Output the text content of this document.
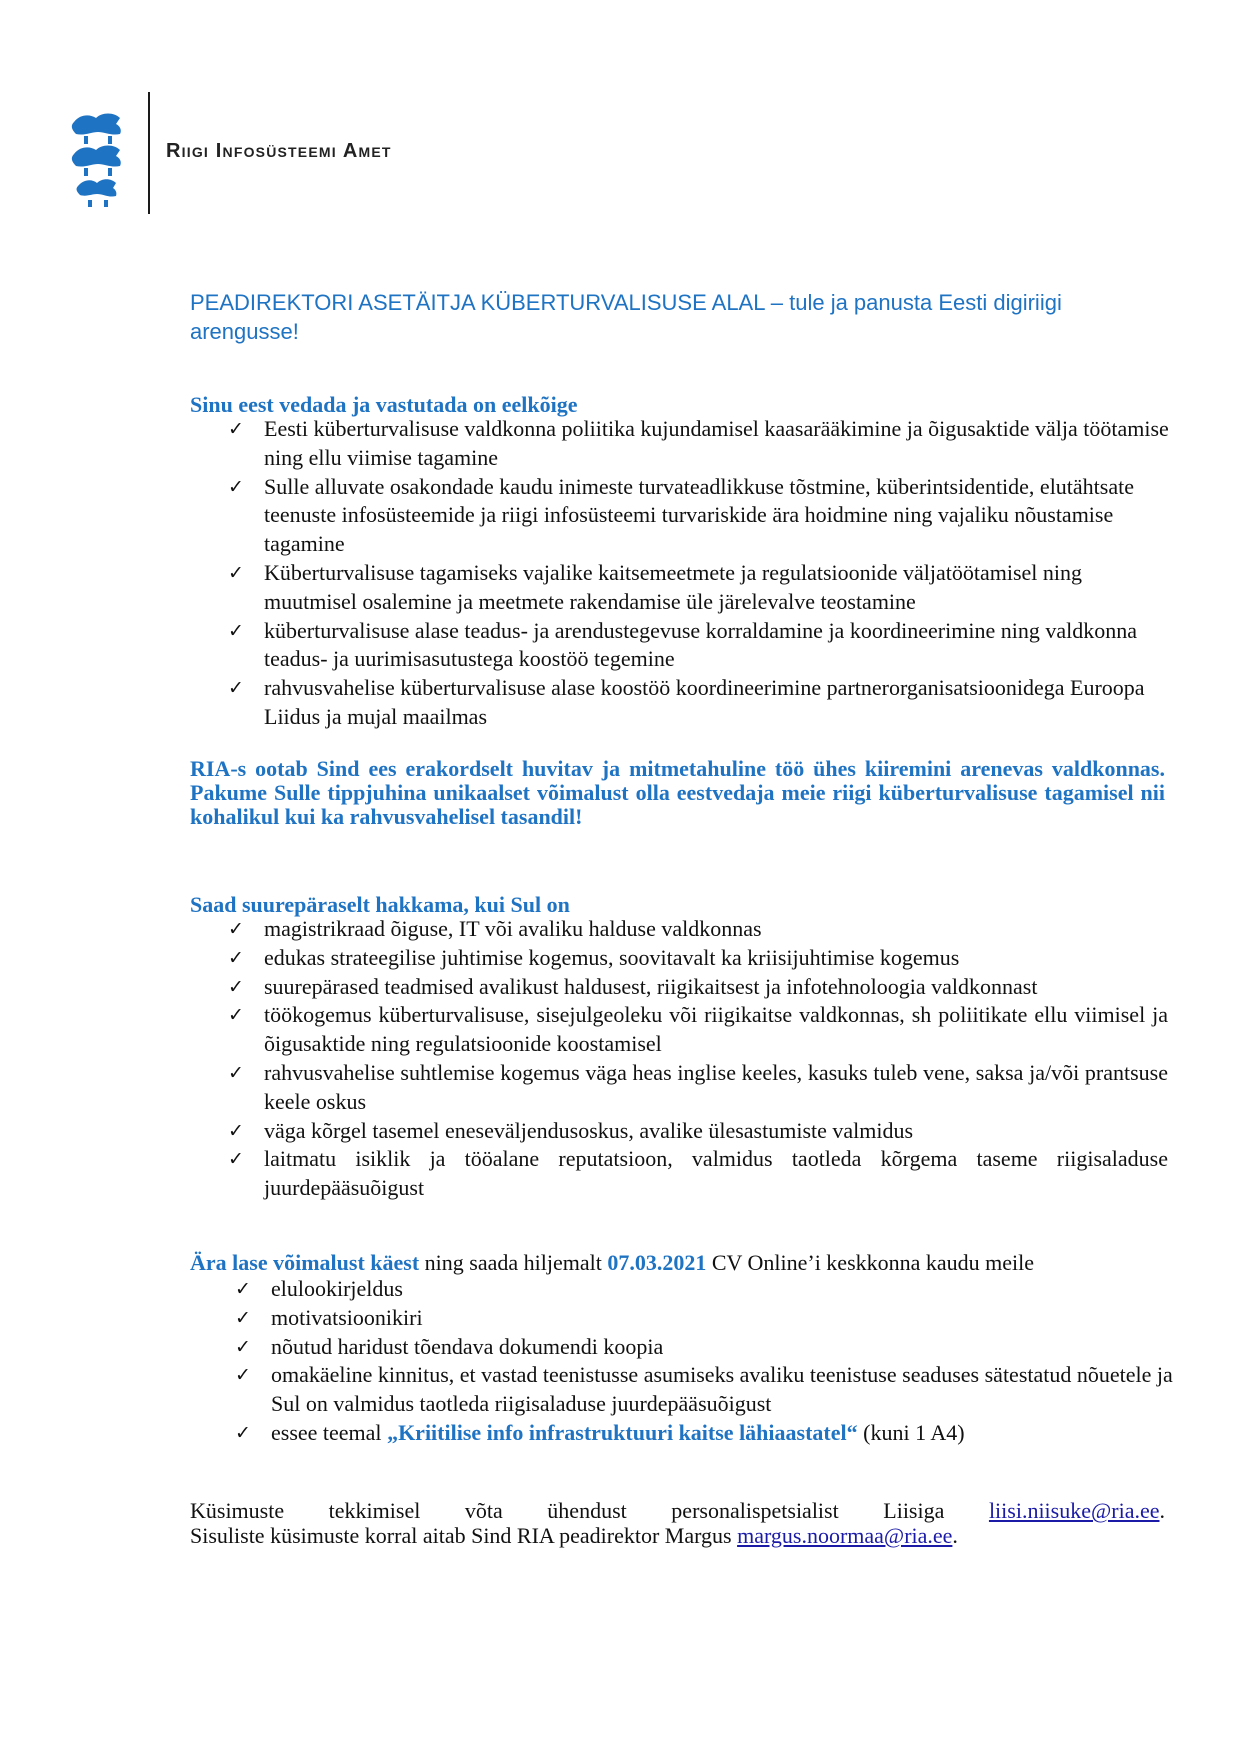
Riigi Infosüsteemi Amet
PEADIREKTORI ASETÄITJA KÜBERTURVALISUSE ALAL – tule ja panusta Eesti digiriigi arengusse!
Sinu eest vedada ja vastutada on eelkõige
✓ Eesti küberturvalisuse valdkonna poliitika kujundamisel kaasarääkimine ja õigusaktide välja töötamise ning ellu viimise tagamine
✓ Sulle alluvate osakondade kaudu inimeste turvateadlikkuse tõstmine, küberintsidentide, elutähtsate teenuste infosüsteemide ja riigi infosüsteemi turvariskide ära hoidmine ning vajaliku nõustamise tagamine
✓ Küberturvalisuse tagamiseks vajalike kaitsemeetmete ja regulatsioonide väljatöötamisel ning muutmisel osalemine ja meetmete rakendamise üle järelevalve teostamine
✓ küberturvalisuse alase teadus- ja arendustegevuse korraldamine ja koordineerimine ning valdkonna teadus- ja uurimisasutustega koostöö tegemine
✓ rahvusvahelise küberturvalisuse alase koostöö koordineerimine partnerorganisatsioonidega Euroopa Liidus ja mujal maailmas
RIA-s ootab Sind ees erakordselt huvitav ja mitmetahuline töö ühes kiiremini arenevas valdkonnas. Pakume Sulle tippjuhina unikaalset võimalust olla eestvedaja meie riigi küberturvalisuse tagamisel nii kohalikul kui ka rahvusvahelisel tasandil!
Saad suurepäraselt hakkama, kui Sul on
✓ magistrikraad õiguse, IT või avaliku halduse valdkonnas
✓ edukas strateegilise juhtimise kogemus, soovitavalt ka kriisijuhtimise kogemus
✓ suurepärased teadmised avalikust haldusest, riigikaitsest ja infotehnoloogia valdkonnast
✓ töökogemus küberturvalisuse, sisejulgeoleku või riigikaitse valdkonnas, sh poliitikate ellu viimisel ja õigusaktide ning regulatsioonide koostamisel
✓ rahvusvahelise suhtlemise kogemus väga heas inglise keeles, kasuks tuleb vene, saksa ja/või prantsuse keele oskus
✓ väga kõrgel tasemel eneseväljendusoskus, avalike ülesastumiste valmidus
✓ laitmatu isiklik ja tööalane reputatsioon, valmidus taotleda kõrgema taseme riigisaladuse juurdepääsuõigust
Ära lase võimalust käest ning saada hiljemalt 07.03.2021 CV Online’i keskkonna kaudu meile
✓ elulookirjeldus
✓ motivatsioonikiri
✓ nõutud haridust tõendava dokumendi koopia
✓ omakäeline kinnitus, et vastad teenistusse asumiseks avaliku teenistuse seaduses sätestatud nõuetele ja Sul on valmidus taotleda riigisaladuse juurdepääsuõigust
✓ essee teemal „Kriitilise info infrastruktuuri kaitse lähiaastatel“ (kuni 1 A4)
Küsimuste tekkimisel võta ühendust personalispetsialist Liisiga liisi.niisuke@ria.ee.
Sisuliste küsimuste korral aitab Sind RIA peadirektor Margus margus.noormaa@ria.ee.
